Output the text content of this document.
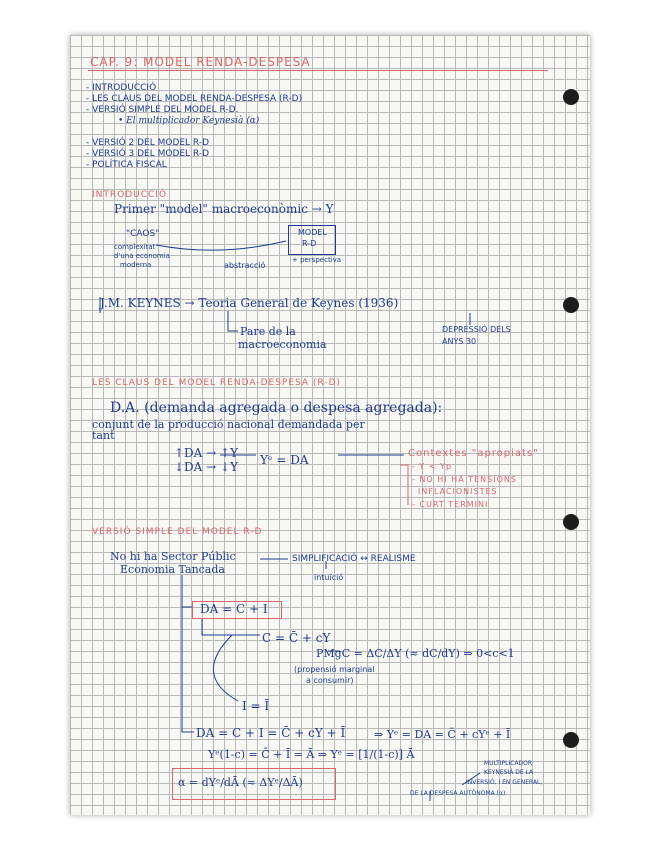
CAP. 9: MODEL RENDA-DESPESA
- INTRODUCCIÓ
- LES CLAUS DEL MODEL RENDA-DESPESA (R-D)
- VERSIÓ SIMPLE DEL MODEL R-D.
• El multiplicador Keynesià (α)
- VERSIÓ 2 DEL MODEL R-D
- VERSIÓ 3 DEL MODEL R-D
- POLÍTICA FISCAL
INTRODUCCIÓ
Primer "model" macroeconòmic → Y
"CAOS"
complexitat
d'una economia
moderna	abstracció
MODEL
R-D
+ perspectiva
J.M. KEYNES → Teoria General de Keynes (1936)
Pare de la
macroeconomia
DEPRESSIÓ DELS
ANYS 30
LES CLAUS DEL MODEL RENDA-DESPESA (R-D)
D.A. (demanda agregada o despesa agregada):
conjunt de la producció nacional demandada per
tant
↑DA → ↑Y
↓DA → ↓Y Yᵉ = DA	Contextes "apropiats"
- Y < Yp
- NO HI HA TENSIONS
INFLACIONISTES
- CURT TERMINI
VERSIÓ SIMPLE DEL MODEL R-D
No hi ha Sector Públic
Economia Tancada
SIMPLIFICACIÓ ↔ REALISME
intuïció
DA = C + I
C = C̄ + cY
PMgC = ΔC/ΔY (≈ dC/dY) ⇒ 0<c<1
(propensió marginal
a consumir)
I = Ī
DA = C + I = C̄ + cY + Ī	⇒ Yᵉ = DA = C̄ + cYᵉ + Ī
Yᵉ(1-c) = C̄ + Ī = Ā ⇒ Yᵉ = [1/(1-c)] Ā
α = dYᵉ/dĀ (≈ ΔYᵉ/ΔĀ)
MULTIPLICADOR
KEYNESIÀ DE LA
INVERSIÓ, I EN GENERAL,
DE LA DESPESA AUTÒNOMA (α)
